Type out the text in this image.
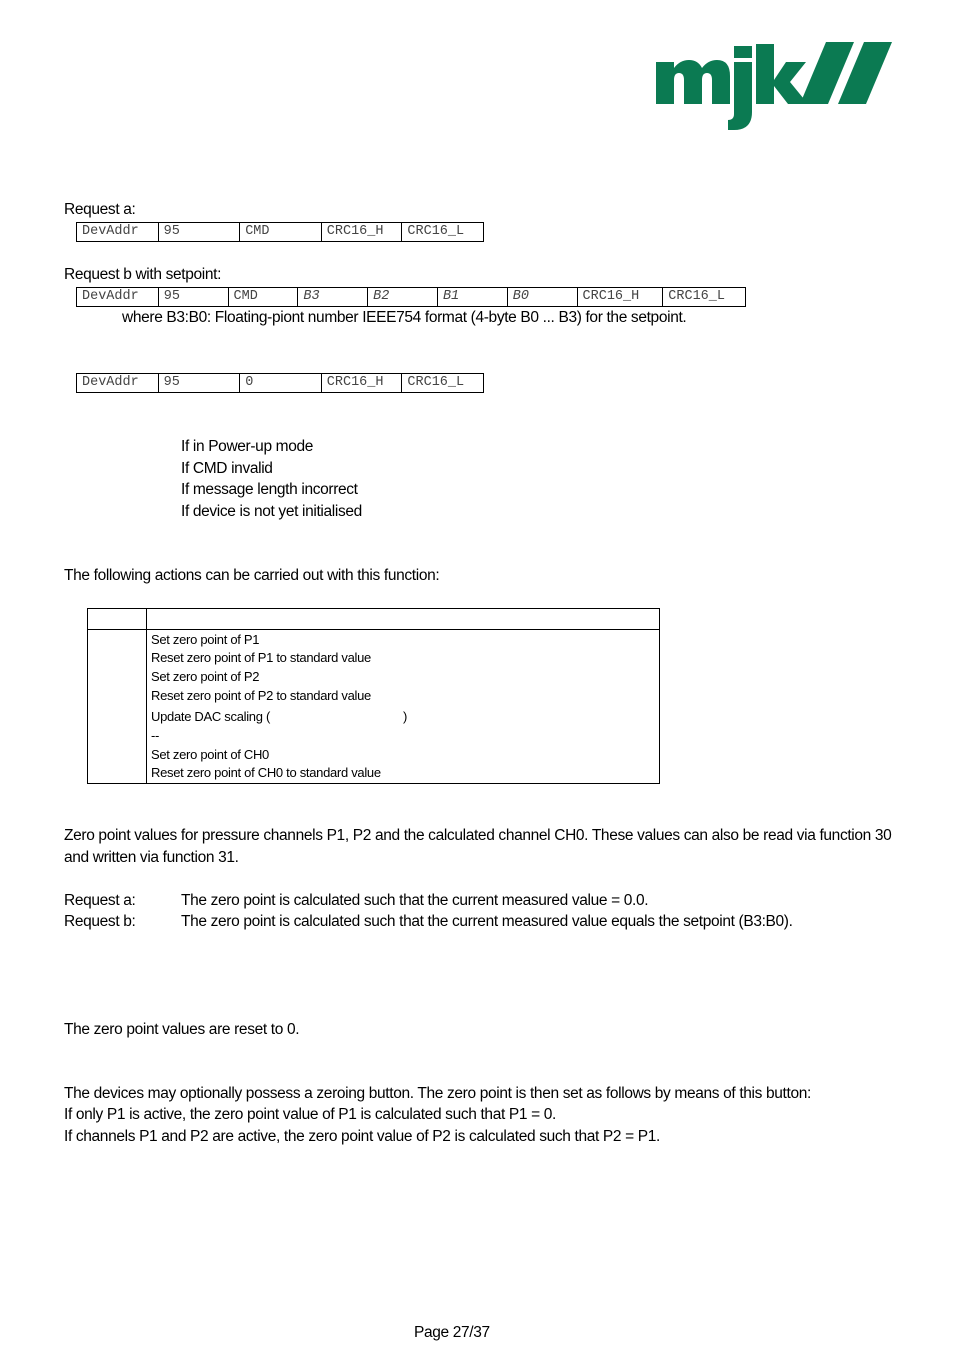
Request a:
DevAddr	95	CMD	CRC16_H	CRC16_L
Request b with setpoint:
DevAddr	95	CMD	B3	B2	B1	B0	CRC16_H	CRC16_L
where B3:B0: Floating-piont number IEEE754 format (4-byte B0 ... B3) for the setpoint.
DevAddr	95	0	CRC16_H	CRC16_L
If in Power-up mode
If CMD invalid
If message length incorrect
If device is not yet initialised
The following actions can be carried out with this function:
Set zero point of P1
Reset zero point of P1 to standard value
Set zero point of P2
Reset zero point of P2 to standard value
Update DAC scaling (	)
--
Set zero point of CH0
Reset zero point of CH0 to standard value
Zero point values for pressure channels P1, P2 and the calculated channel CH0. These values can also be read via function 30
and written via function 31.
Request a:	The zero point is calculated such that the current measured value = 0.0.
Request b:	The zero point is calculated such that the current measured value equals the setpoint (B3:B0).
The zero point values are reset to 0.
The devices may optionally possess a zeroing button. The zero point is then set as follows by means of this button:
If only P1 is active, the zero point value of P1 is calculated such that P1 = 0.
If channels P1 and P2 are active, the zero point value of P2 is calculated such that P2 = P1.
Page 27/37
